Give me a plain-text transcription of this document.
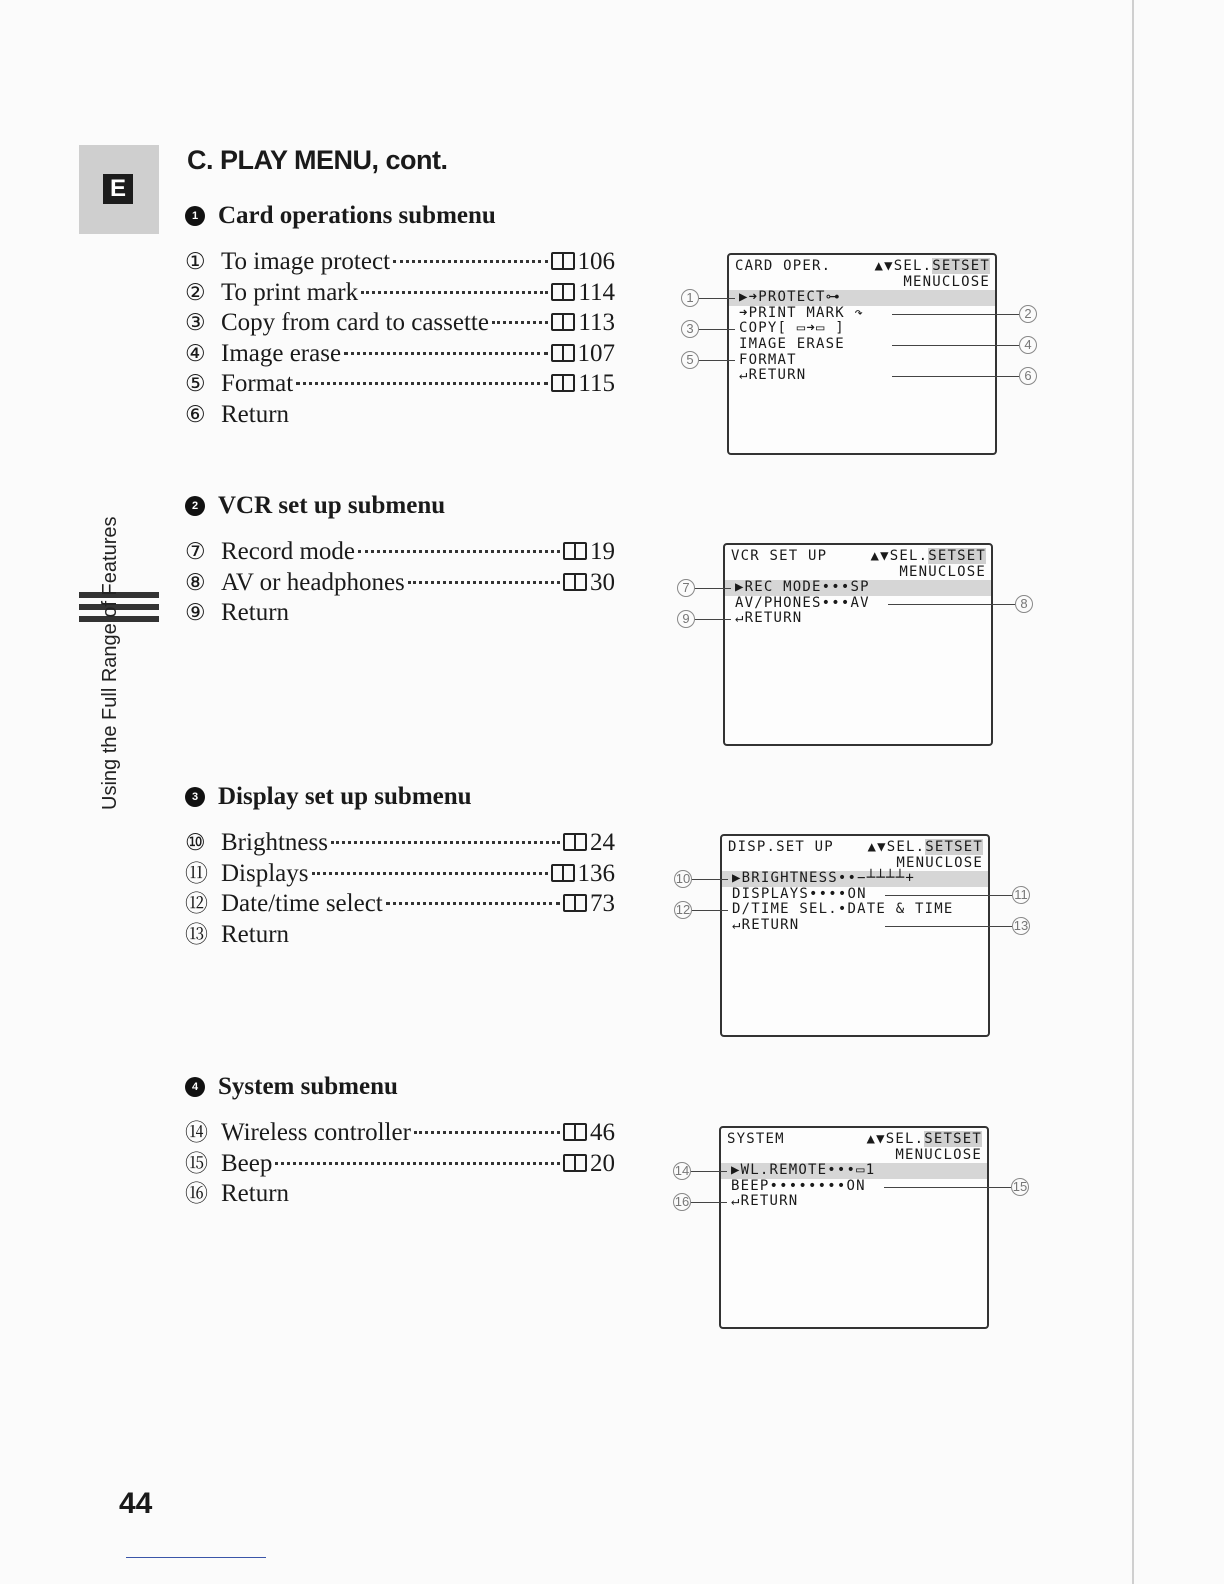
E
Using the Full Range of Features
C. PLAY MENU, cont.
1 Card operations submenu
① To image protect	106
② To print mark	114
③ Copy from card to cassette	113
④ Image erase	107
⑤ Format	115
⑥ Return
2 VCR set up submenu
⑦ Record mode	19
⑧ AV or headphones	30
⑨ Return
3 Display set up submenu
⑩ Brightness	24
⑪ Displays	136
⑫ Date/time select	73
⑬ Return
4 System submenu
⑭ Wireless controller	46
⑮ Beep	20
⑯ Return
CARD OPER.	▲▼SEL.SETSET
MENUCLOSE
▶➜PROTECT⊶
➜PRINT MARK ↷
COPY[ ▭➜▭ ]
IMAGE ERASE
FORMAT
↵RETURN
VCR SET UP	▲▼SEL.SETSET
MENUCLOSE
▶REC MODE•••SP
AV/PHONES•••AV
↵RETURN
DISP.SET UP ▲▼SEL.SETSET
MENUCLOSE
▶BRIGHTNESS••−┴┴┴┴+
DISPLAYS••••ON
D/TIME SEL.•DATE & TIME
↵RETURN
SYSTEM	▲▼SEL.SETSET
MENUCLOSE
▶WL.REMOTE•••▭1
BEEP••••••••ON
↵RETURN
44
1
3
5
2
4
6
7
9
8
10
12
11
13
14
16
15
